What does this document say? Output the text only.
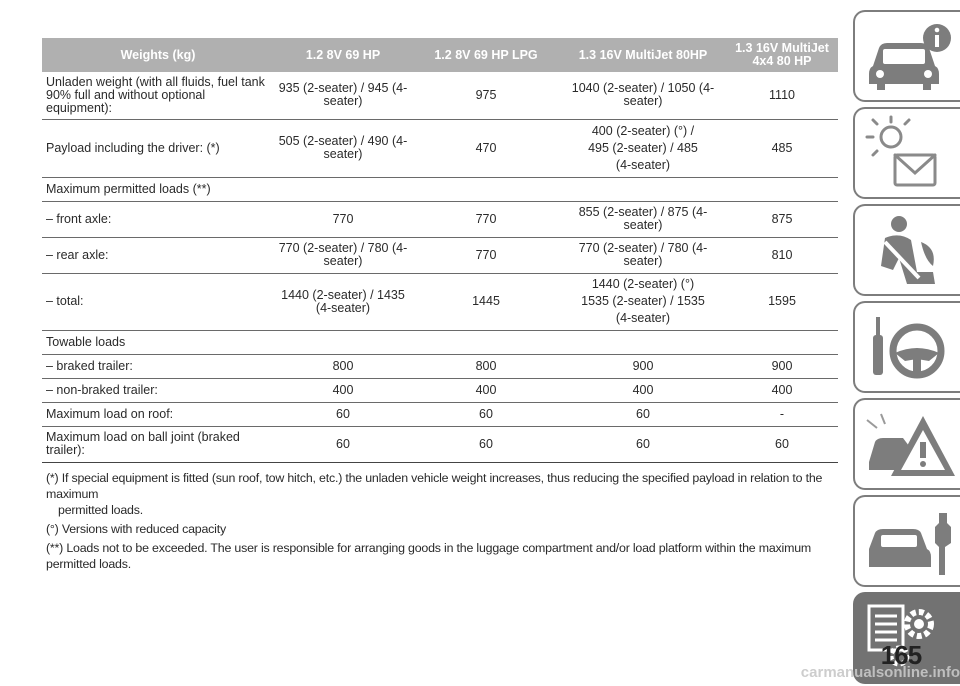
Weights (kg)	1.2 8V 69 HP	1.2 8V 69 HP LPG	1.3 16V MultiJet 80HP	1.3 16V MultiJet 4x4 80 HP
Unladen weight (with all fluids, fuel tank 90% full and without optional equipment):	935 (2-seater) / 945 (4-seater)	975	1040 (2-seater) / 1050 (4-seater)	1110
Payload including the driver: (*)	505 (2-seater) / 490 (4-seater)	470	400 (2-seater) (°) /
495 (2-seater) / 485
(4-seater)	485
Maximum permitted loads (**)				
– front axle:	770	770	855 (2-seater) / 875 (4-seater)	875
– rear axle:	770 (2-seater) / 780 (4-seater)	770	770 (2-seater) / 780 (4-seater)	810
– total:	1440 (2-seater) / 1435 (4-seater)	1445	1440 (2-seater) (°)
1535 (2-seater) / 1535
(4-seater)	1595
Towable loads				
– braked trailer:	800	800	900	900
– non-braked trailer:	400	400	400	400
Maximum load on roof:	60	60	60	-
Maximum load on ball joint (braked trailer):	60	60	60	60

(*) If special equipment is fitted (sun roof, tow hitch, etc.) the unladen vehicle weight increases, thus reducing the specified payload in relation to the maximum
permitted loads.

(°) Versions with reduced capacity

(**) Loads not to be exceeded. The user is responsible for arranging goods in the luggage compartment and/or load platform within the maximum permitted loads.

165
carmanualsonline.info
